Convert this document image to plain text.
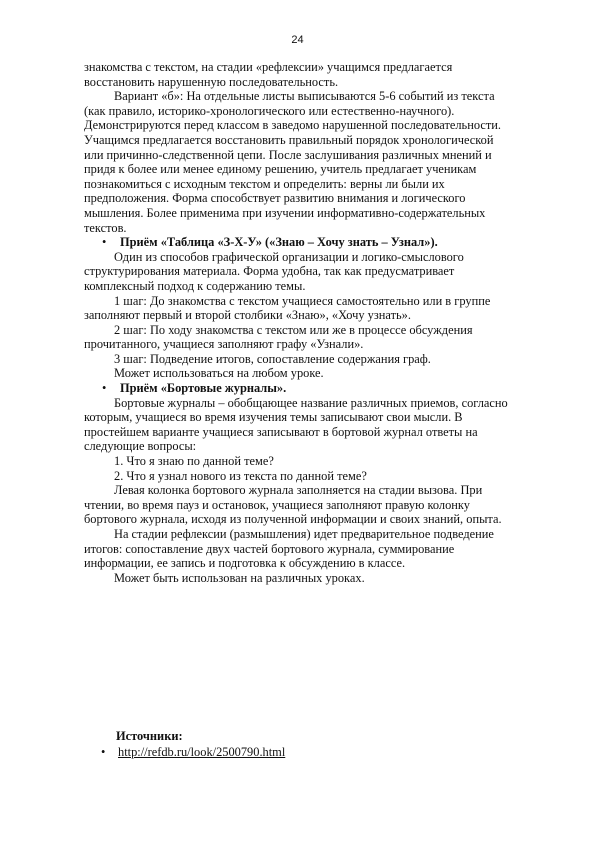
24
знакомства с текстом, на стадии «рефлексии» учащимся предлагается
восстановить нарушенную последовательность.
Вариант «б»: На отдельные листы выписываются 5-6 событий из текста
(как правило, историко-хронологического или естественно-научного).
Демонстрируются перед классом в заведомо нарушенной последовательности.
Учащимся предлагается восстановить правильный порядок хронологической
или причинно-следственной цепи. После заслушивания различных мнений и
придя к более или менее единому решению, учитель предлагает ученикам
познакомиться с исходным текстом и определить: верны ли были их
предположения. Форма способствует развитию внимания и логического
мышления. Более применима при изучении информативно-содержательных
текстов.
• Приём «Таблица «З-Х-У» («Знаю – Хочу знать – Узнал»).
Один из способов графической организации и логико-смыслового
структурирования материала. Форма удобна, так как предусматривает
комплексный подход к содержанию темы.
1 шаг: До знакомства с текстом учащиеся самостоятельно или в группе
заполняют первый и второй столбики «Знаю», «Хочу узнать».
2 шаг: По ходу знакомства с текстом или же в процессе обсуждения
прочитанного, учащиеся заполняют графу «Узнали».
3 шаг: Подведение итогов, сопоставление содержания граф.
Может использоваться на любом уроке.
• Приём «Бортовые журналы».
Бортовые журналы – обобщающее название различных приемов, согласно
которым, учащиеся во время изучения темы записывают свои мысли. В
простейшем варианте учащиеся записывают в бортовой журнал ответы на
следующие вопросы:
1. Что я знаю по данной теме?
2. Что я узнал нового из текста по данной теме?
Левая колонка бортового журнала заполняется на стадии вызова. При
чтении, во время пауз и остановок, учащиеся заполняют правую колонку
бортового журнала, исходя из полученной информации и своих знаний, опыта.
На стадии рефлексии (размышления) идет предварительное подведение
итогов: сопоставление двух частей бортового журнала, суммирование
информации, ее запись и подготовка к обсуждению в классе.
Может быть использован на различных уроках.
Источники:
• http://refdb.ru/look/2500790.html
